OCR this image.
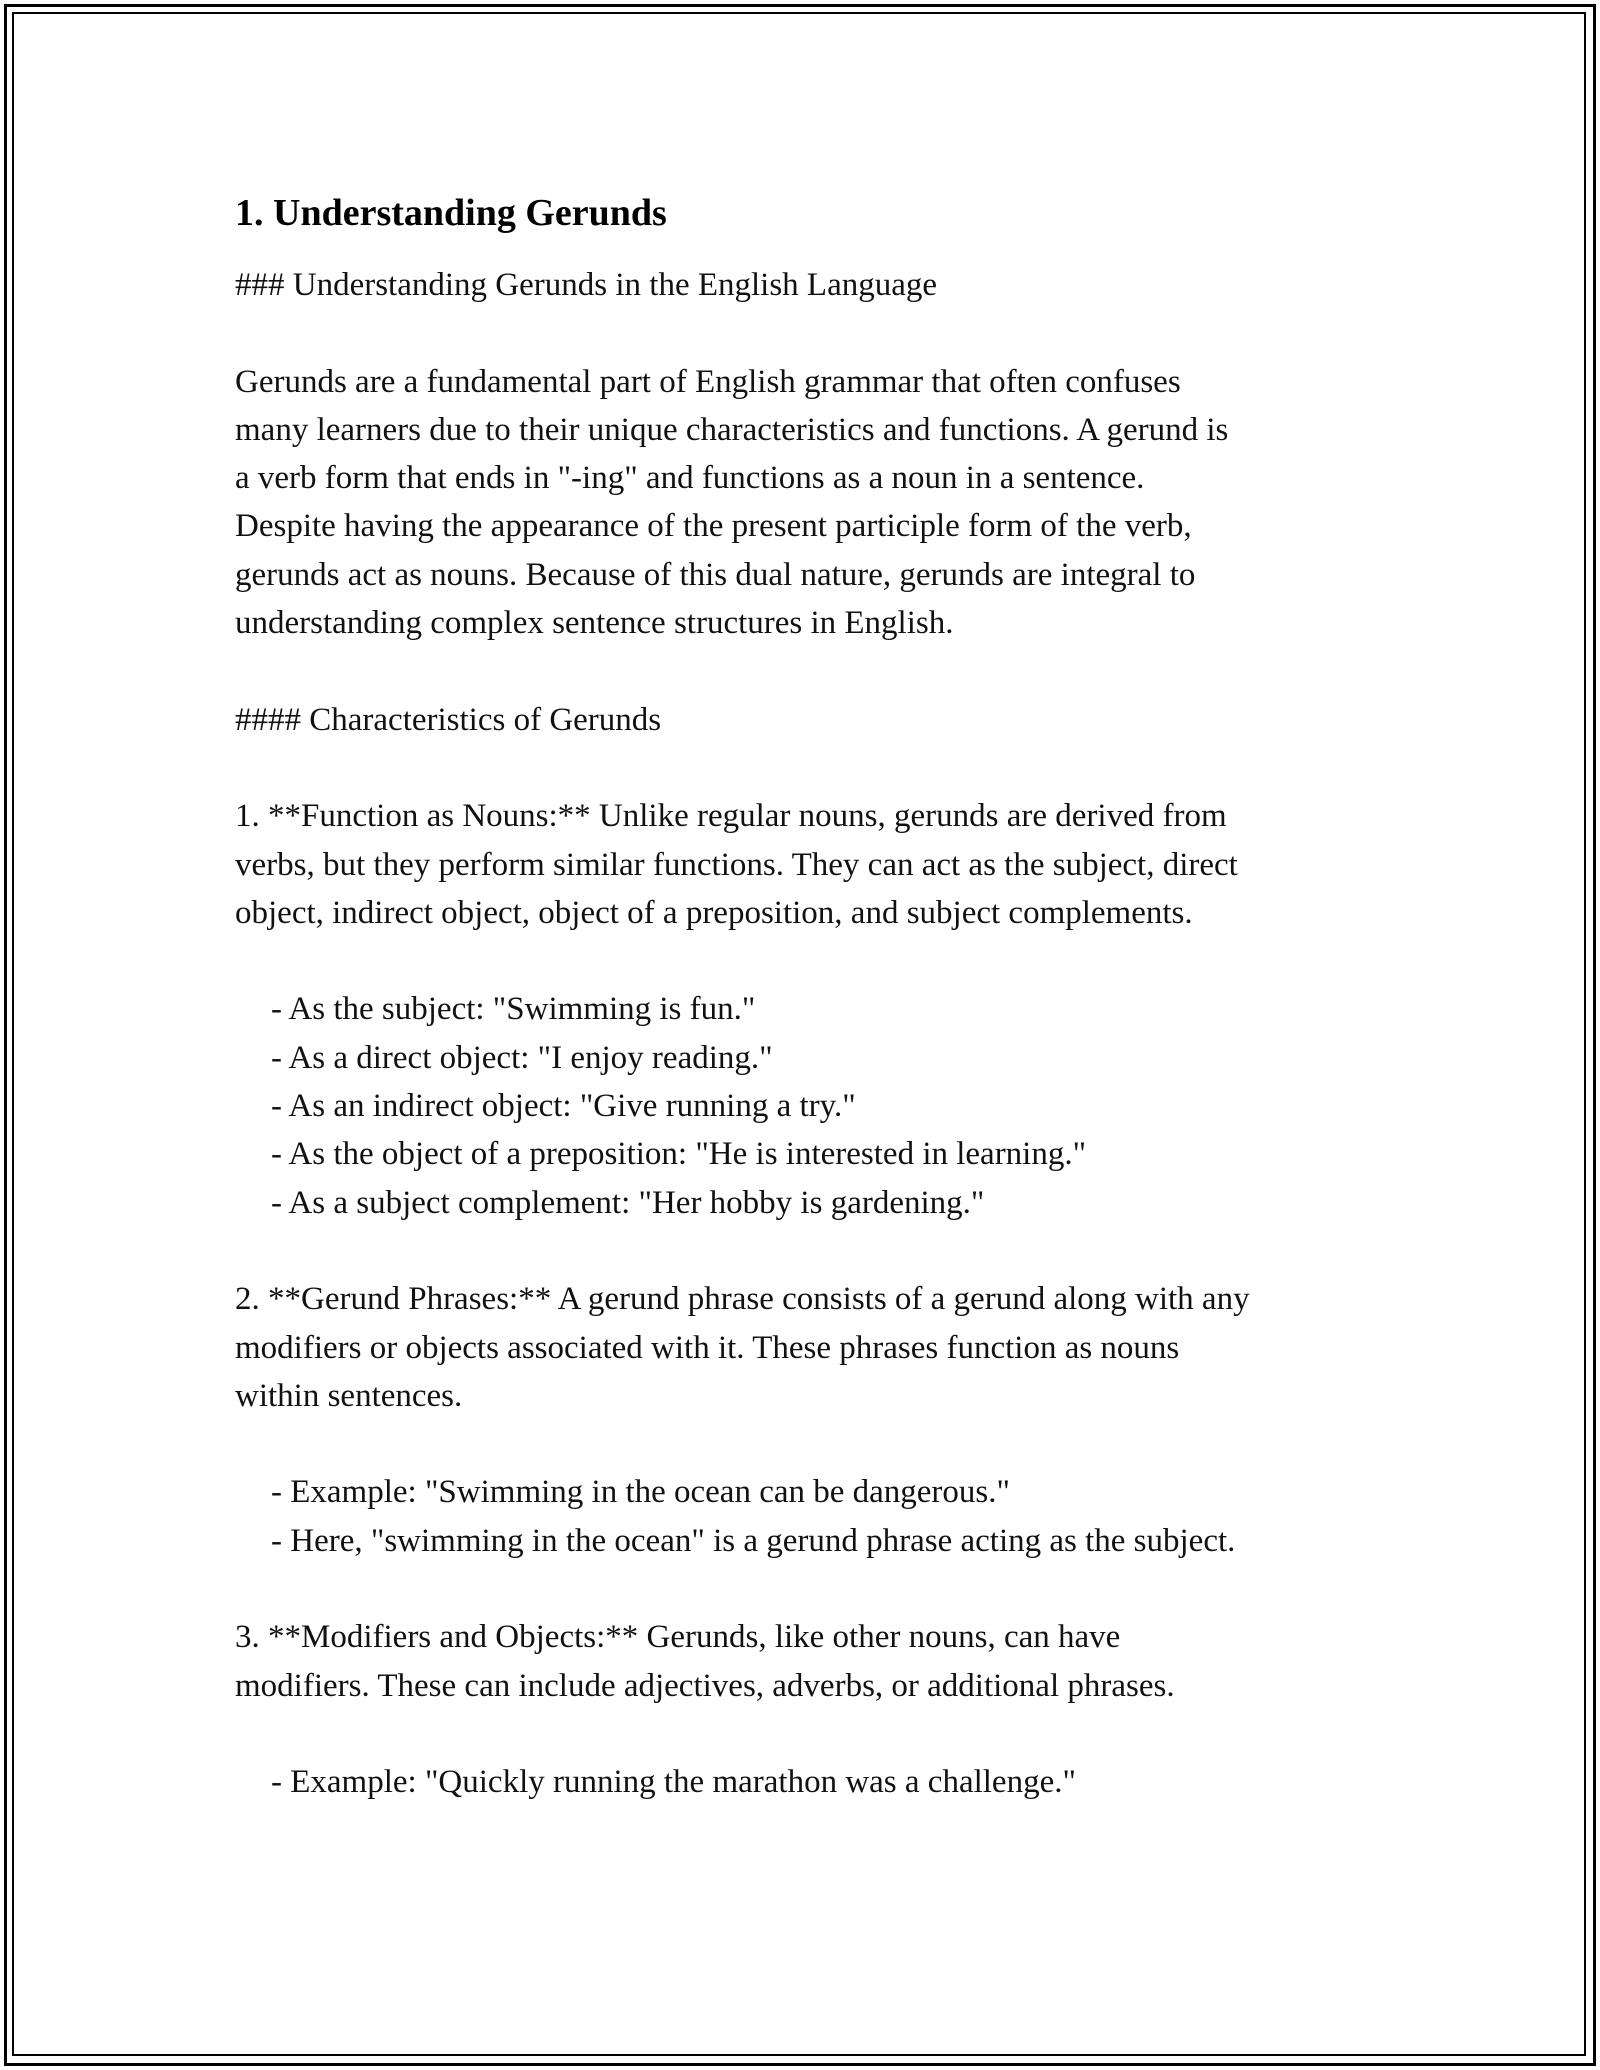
1. Understanding Gerunds
### Understanding Gerunds in the English Language
Gerunds are a fundamental part of English grammar that often confuses
many learners due to their unique characteristics and functions. A gerund is
a verb form that ends in "-ing" and functions as a noun in a sentence.
Despite having the appearance of the present participle form of the verb,
gerunds act as nouns. Because of this dual nature, gerunds are integral to
understanding complex sentence structures in English.
#### Characteristics of Gerunds
1. **Function as Nouns:** Unlike regular nouns, gerunds are derived from
verbs, but they perform similar functions. They can act as the subject, direct
object, indirect object, object of a preposition, and subject complements.
- As the subject: "Swimming is fun."
- As a direct object: "I enjoy reading."
- As an indirect object: "Give running a try."
- As the object of a preposition: "He is interested in learning."
- As a subject complement: "Her hobby is gardening."
2. **Gerund Phrases:** A gerund phrase consists of a gerund along with any
modifiers or objects associated with it. These phrases function as nouns
within sentences.
- Example: "Swimming in the ocean can be dangerous."
- Here, "swimming in the ocean" is a gerund phrase acting as the subject.
3. **Modifiers and Objects:** Gerunds, like other nouns, can have
modifiers. These can include adjectives, adverbs, or additional phrases.
- Example: "Quickly running the marathon was a challenge."
